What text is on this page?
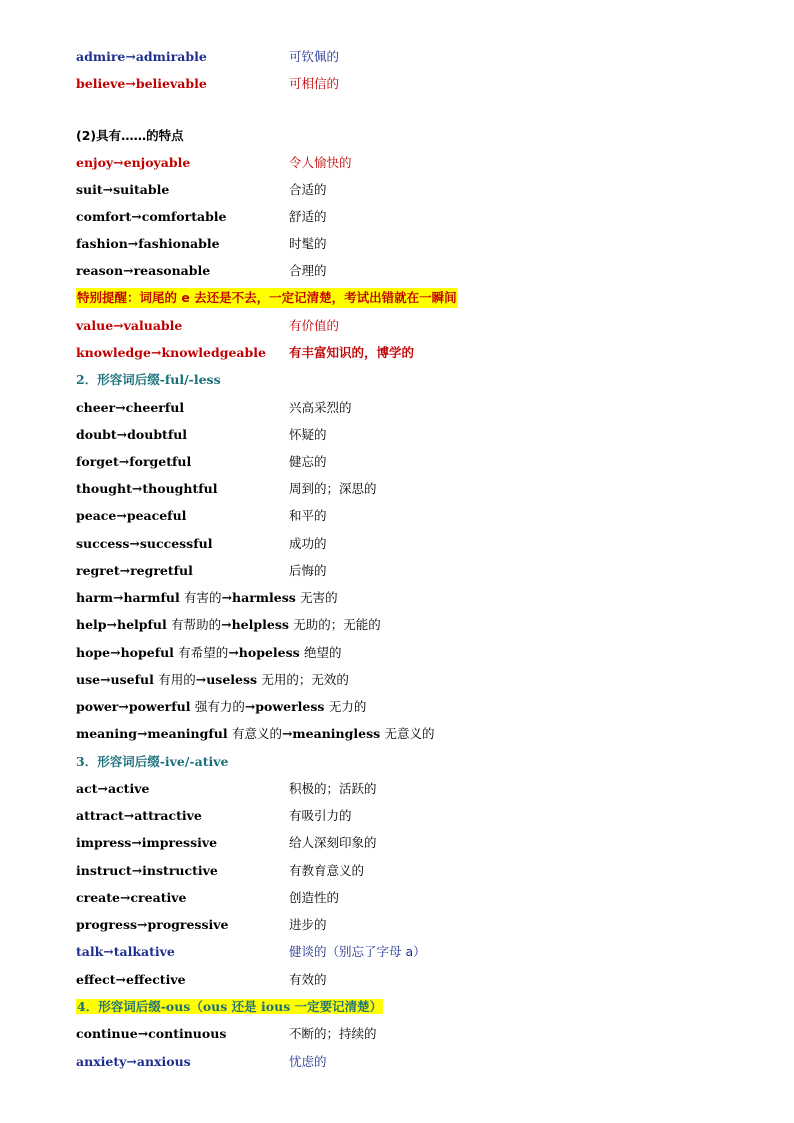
admire→admirable	可钦佩的
believe→believable	可相信的
(2)具有……的特点
enjoy→enjoyable	令人愉快的
suit→suitable	合适的
comfort→comfortable	舒适的
fashion→fashionable	时髦的
reason→reasonable	合理的
特别提醒：词尾的 e 去还是不去，一定记清楚，考试出错就在一瞬间
value→valuable	有价值的
knowledge→knowledgeable 有丰富知识的，博学的
2．形容词后缀-ful/-less
cheer→cheerful	兴高采烈的
doubt→doubtful	怀疑的
forget→forgetful	健忘的
thought→thoughtful	周到的；深思的
peace→peaceful	和平的
success→successful	成功的
regret→regretful	后悔的
harm→harmful 有害的→harmless 无害的
help→helpful 有帮助的→helpless 无助的；无能的
hope→hopeful 有希望的→hopeless 绝望的
use→useful 有用的→useless 无用的；无效的
power→powerful 强有力的→powerless 无力的
meaning→meaningful 有意义的→meaningless 无意义的
3．形容词后缀-ive/-ative
act→active	积极的；活跃的
attract→attractive	有吸引力的
impress→impressive	给人深刻印象的
instruct→instructive	有教育意义的
create→creative	创造性的
progress→progressive	进步的
talk→talkative	健谈的（别忘了字母 a）
effect→effective	有效的
4．形容词后缀-ous（ous 还是 ious 一定要记清楚）
continue→continuous	不断的；持续的
anxiety→anxious	忧虑的
